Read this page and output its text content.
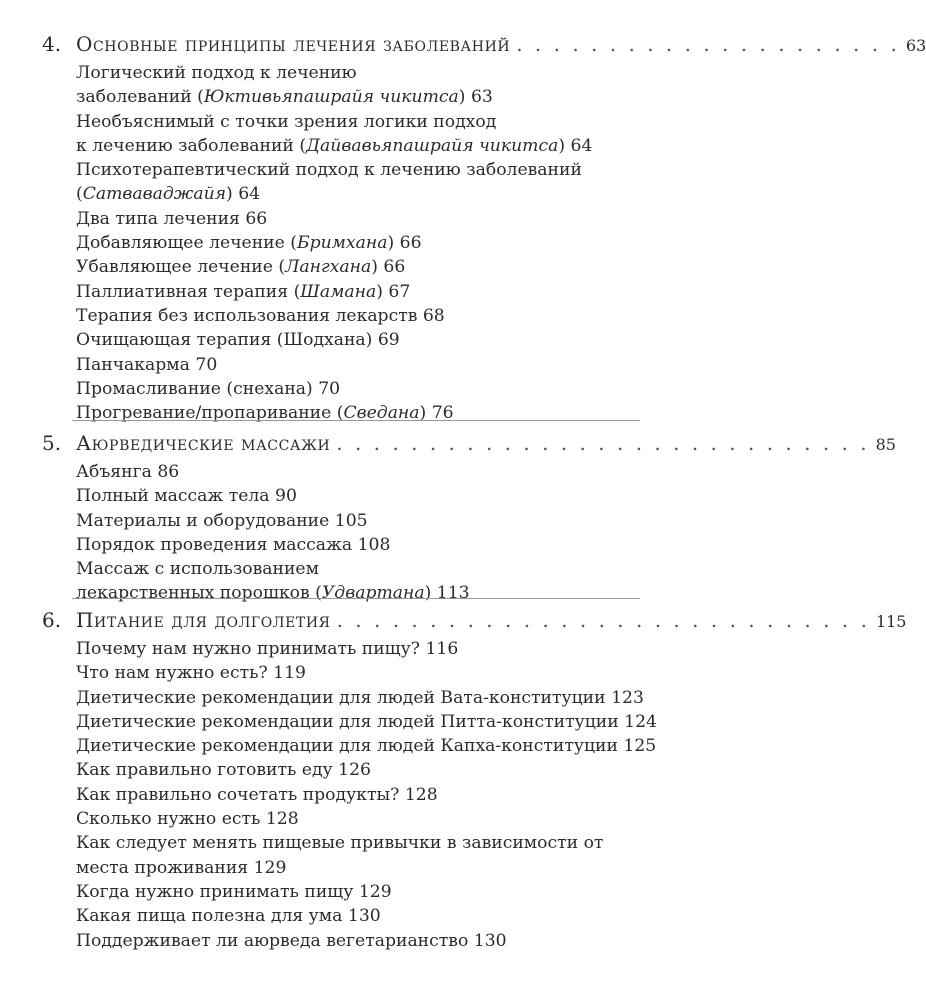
4. Основные принципы лечения заболеваний . . . . . . . . . . . . . . . . . . . . . 63

Логический подход к лечению

заболеваний (Юктивьяпашрайя чикитса) 63

Необъяснимый с точки зрения логики подход

к лечению заболеваний (Дайвавьяпашрайя чикитса) 64

Психотерапевтический подход к лечению заболеваний

(Сатваваджайя) 64

Два типа лечения 66

Добавляющее лечение (Бримхана) 66

Убавляющее лечение (Лангхана) 66

Паллиативная терапия (Шамана) 67

Терапия без использования лекарств 68

Очищающая терапия (Шодхана) 69

Панчакарма 70

Промасливание (снехана) 70

Прогревание/пропаривание (Сведана) 76

5. Аюрведические массажи . . . . . . . . . . . . . . . . . . . . . . . . . . . . . 85

Абъянга 86

Полный массаж тела 90

Материалы и оборудование 105

Порядок проведения массажа 108

Массаж с использованием

лекарственных порошков (Удвартана) 113

6. Питание для долголетия . . . . . . . . . . . . . . . . . . . . . . . . . . . . . 115

Почему нам нужно принимать пищу? 116

Что нам нужно есть? 119

Диетические рекомендации для людей Вата-конституции 123

Диетические рекомендации для людей Питта-конституции 124

Диетические рекомендации для людей Капха-конституции 125

Как правильно готовить еду 126

Как правильно сочетать продукты? 128

Сколько нужно есть 128

Как следует менять пищевые привычки в зависимости от

места проживания 129

Когда нужно принимать пищу 129

Какая пища полезна для ума 130

Поддерживает ли аюрведа вегетарианство 130
